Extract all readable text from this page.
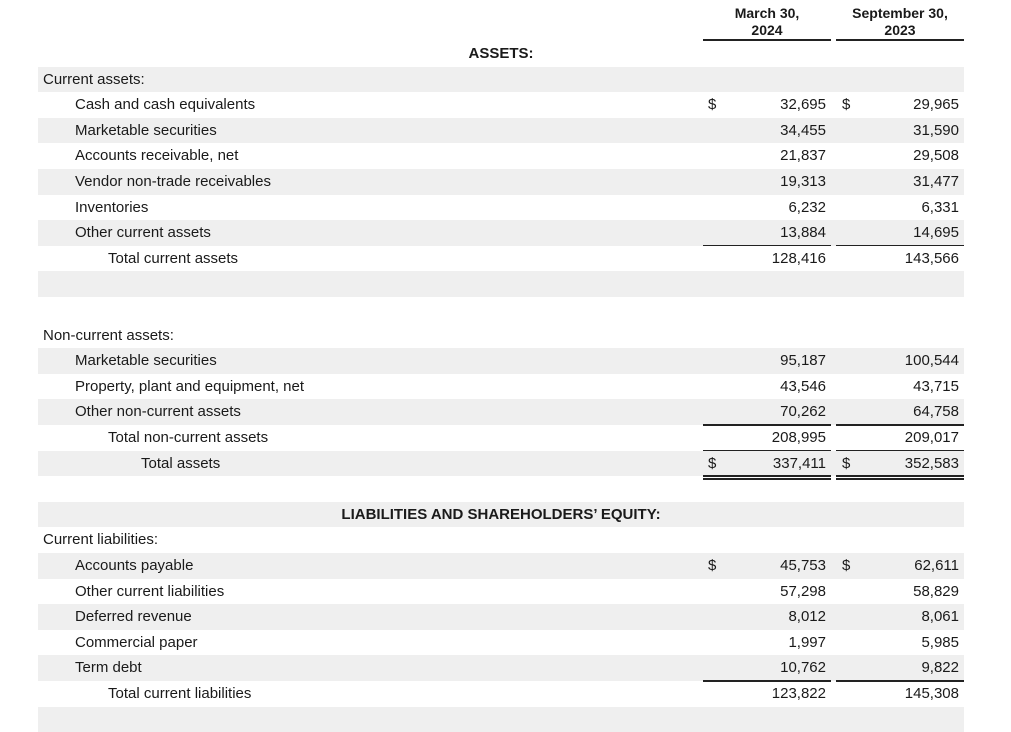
March 30,
2024
September 30,
2023
ASSETS:
Current assets:
Cash and cash equivalents	$	32,695 $	29,965
Marketable securities	34,455	31,590
Accounts receivable, net	21,837	29,508
Vendor non-trade receivables	19,313	31,477
Inventories	6,232	6,331
Other current assets	13,884	14,695
Total current assets	128,416	143,566
Non-current assets:
Marketable securities	95,187	100,544
Property, plant and equipment, net	43,546	43,715
Other non-current assets	70,262	64,758
Total non-current assets	208,995	209,017
Total assets	$	337,411 $	352,583
LIABILITIES AND SHAREHOLDERS’ EQUITY:
Current liabilities:
Accounts payable	$	45,753 $	62,611
Other current liabilities	57,298	58,829
Deferred revenue	8,012	8,061
Commercial paper	1,997	5,985
Term debt	10,762	9,822
Total current liabilities	123,822	145,308
